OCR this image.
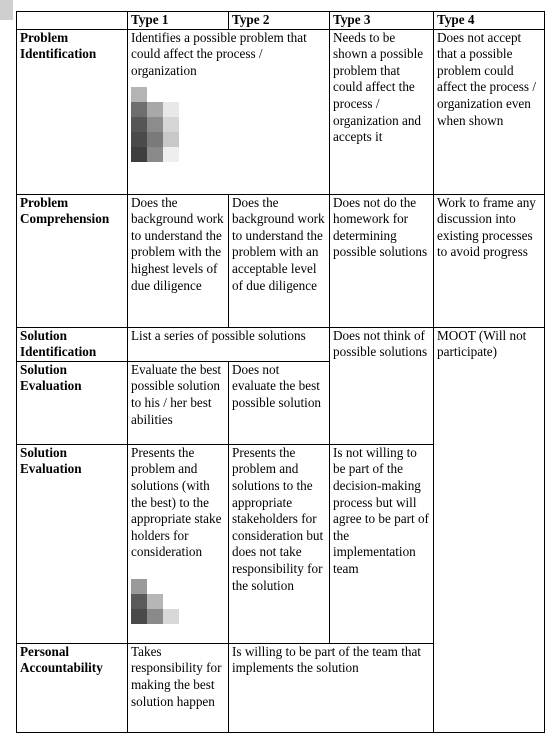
	Type 1	Type 2	Type 3	Type 4
Problem Identification	Identifies a possible problem that could affect the process / organization		Needs to be shown a possible problem that could affect the process / organization and accepts it	Does not accept that a possible problem could affect the process / organization even when shown
Problem Comprehension	Does the background work to understand the problem with the highest levels of due diligence	Does the background work to understand the problem with an acceptable level of due diligence	Does not do the homework for determining possible solutions	Work to frame any discussion into existing processes to avoid progress
Solution Identification	List a series of possible solutions		Does not think of possible solutions	MOOT (Will not participate)
Solution Evaluation	Evaluate the best possible solution to his / her best abilities	Does not evaluate the best possible solution		
Solution Evaluation	Presents the problem and solutions (with the best) to the appropriate stake holders for consideration	Presents the problem and solutions to the appropriate stakeholders for consideration but does not take responsibility for the solution	Is not willing to be part of the decision-making process but will agree to be part of the implementation team	
Personal Accountability	Takes responsibility for making the best solution happen	Is willing to be part of the team that implements the solution		
